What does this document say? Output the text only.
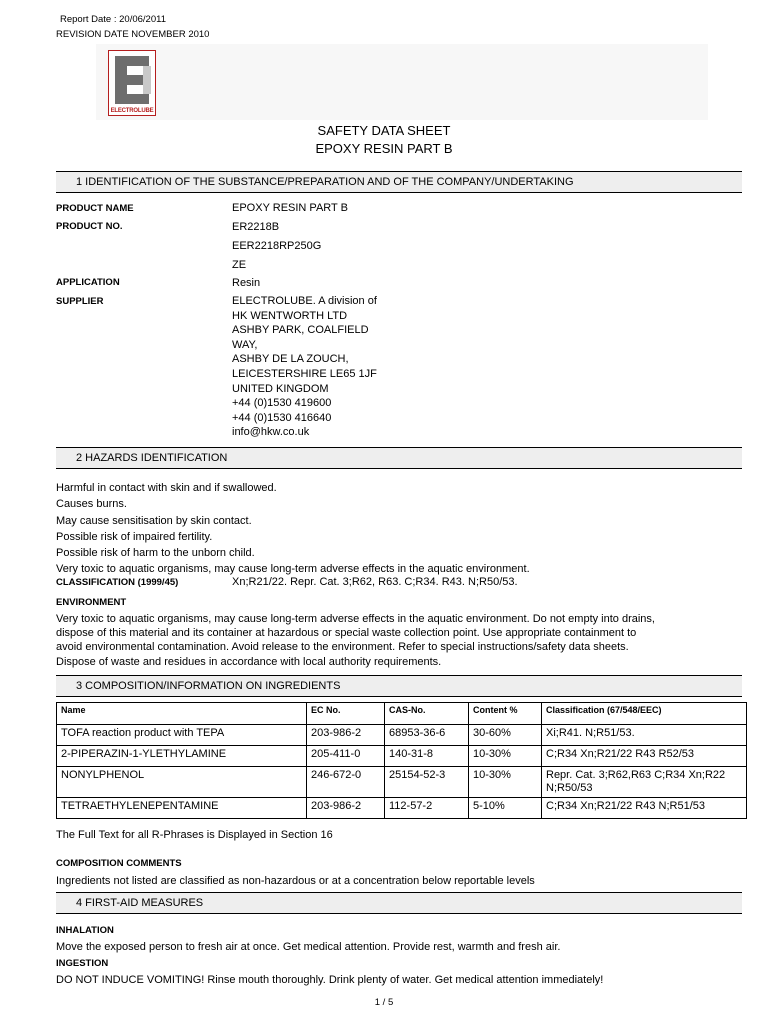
Report Date : 20/06/2011
REVISION DATE NOVEMBER 2010
ELECTROLUBE
SAFETY DATA SHEET
EPOXY RESIN PART B
1 IDENTIFICATION OF THE SUBSTANCE/PREPARATION AND OF THE COMPANY/UNDERTAKING
PRODUCT NAME	EPOXY RESIN PART B
PRODUCT NO.	ER2218B
EER2218RP250G
ZE
APPLICATION	Resin
SUPPLIER	ELECTROLUBE. A division of
HK WENTWORTH LTD
ASHBY PARK, COALFIELD
WAY,
ASHBY DE LA ZOUCH,
LEICESTERSHIRE LE65 1JF
UNITED KINGDOM
+44 (0)1530 419600
+44 (0)1530 416640
info@hkw.co.uk
2 HAZARDS IDENTIFICATION
Harmful in contact with skin and if swallowed.
Causes burns.
May cause sensitisation by skin contact.
Possible risk of impaired fertility.
Possible risk of harm to the unborn child.
Very toxic to aquatic organisms, may cause long-term adverse effects in the aquatic environment.
CLASSIFICATION (1999/45)	Xn;R21/22. Repr. Cat. 3;R62, R63. C;R34. R43. N;R50/53.
ENVIRONMENT
Very toxic to aquatic organisms, may cause long-term adverse effects in the aquatic environment. Do not empty into drains,
dispose of this material and its container at hazardous or special waste collection point. Use appropriate containment to
avoid environmental contamination. Avoid release to the environment. Refer to special instructions/safety data sheets.
Dispose of waste and residues in accordance with local authority requirements.
3 COMPOSITION/INFORMATION ON INGREDIENTS
Name	EC No.	CAS-No.	Content %	Classification (67/548/EEC)
TOFA reaction product with TEPA	203-986-2	68953-36-6	30-60%	Xi;R41. N;R51/53.
2-PIPERAZIN-1-YLETHYLAMINE	205-411-0	140-31-8	10-30%	C;R34 Xn;R21/22 R43 R52/53
NONYLPHENOL	246-672-0	25154-52-3	10-30%	Repr. Cat. 3;R62,R63 C;R34 Xn;R22 N;R50/53
TETRAETHYLENEPENTAMINE	203-986-2	112-57-2	5-10%	C;R34 Xn;R21/22 R43 N;R51/53
The Full Text for all R-Phrases is Displayed in Section 16
COMPOSITION COMMENTS
Ingredients not listed are classified as non-hazardous or at a concentration below reportable levels
4 FIRST-AID MEASURES
INHALATION
Move the exposed person to fresh air at once. Get medical attention. Provide rest, warmth and fresh air.
INGESTION
DO NOT INDUCE VOMITING! Rinse mouth thoroughly. Drink plenty of water. Get medical attention immediately!
1 / 5
